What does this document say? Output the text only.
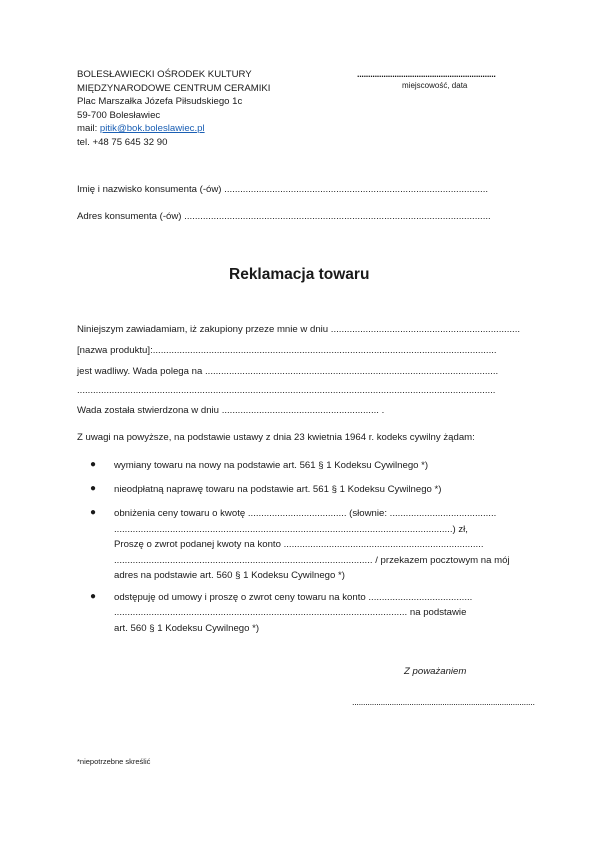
BOLESŁAWIECKI OŚRODEK KULTURY
MIĘDZYNARODOWE CENTRUM CERAMIKI
Plac Marszałka Józefa Piłsudskiego 1c
59-700 Bolesławiec
mail: pitik@bok.boleslawiec.pl
tel. +48 75 645 32 90
...............................................................
miejscowość, data
Imię i nazwisko konsumenta (-ów) ...................................................................................................
Adres konsumenta (-ów) ...................................................................................................................
Reklamacja towaru
Niniejszym zawiadamiam, iż zakupiony przeze mnie w dniu .......................................................................
[nazwa produktu]:.................................................................................................................................
jest wadliwy. Wada polega na ..............................................................................................................
.............................................................................................................................................................
Wada została stwierdzona w dniu ........................................................... .
Z uwagi na powyższe, na podstawie ustawy z dnia 23 kwietnia 1964 r. kodeks cywilny żądam:
● wymiany towaru na nowy na podstawie art. 561 § 1 Kodeksu Cywilnego *)
● nieodpłatną naprawę towaru na podstawie art. 561 § 1 Kodeksu Cywilnego *)
● obniżenia ceny towaru o kwotę ..................................... (słownie: ........................................
...............................................................................................................................) zł,
Proszę o zwrot podanej kwoty na konto ...........................................................................
................................................................................................. / przekazem pocztowym na mój
adres na podstawie art. 560 § 1 Kodeksu Cywilnego *)
● odstępuję od umowy i proszę o zwrot ceny towaru na konto .......................................
.............................................................................................................. na podstawie
art. 560 § 1 Kodeksu Cywilnego *)
Z poważaniem
...................................................................................
*niepotrzebne skreślić
